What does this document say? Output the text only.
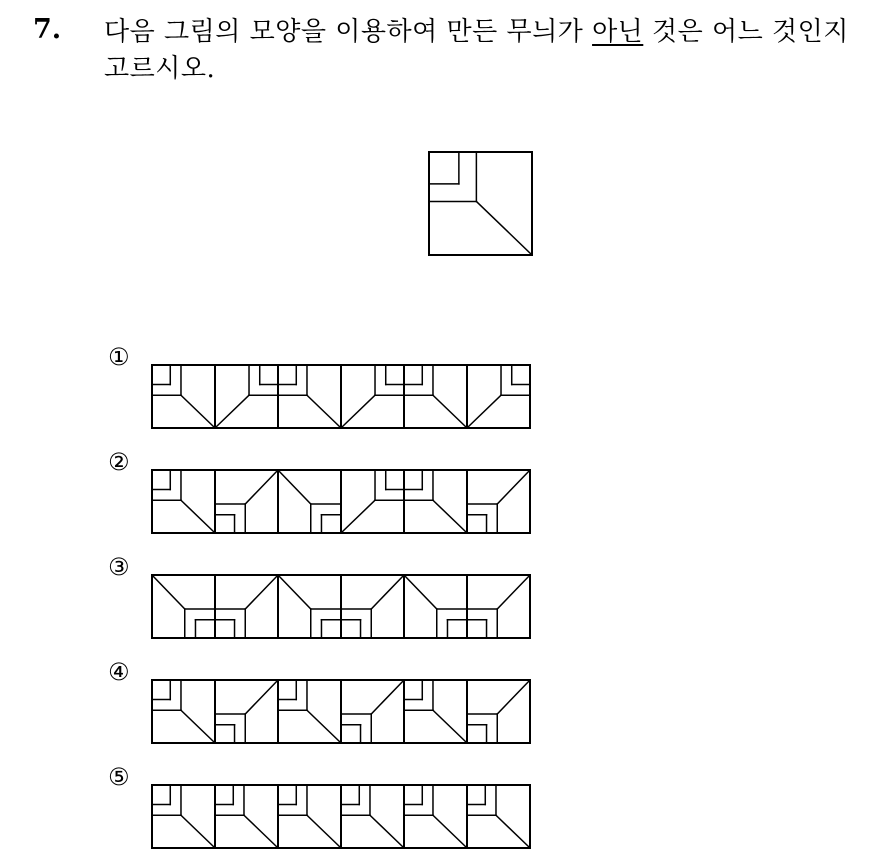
7. 다음 그림의 모양을 이용하여 만든 무늬가 아닌 것은 어느 것인지
고르시오.
①
②
③
④
⑤
